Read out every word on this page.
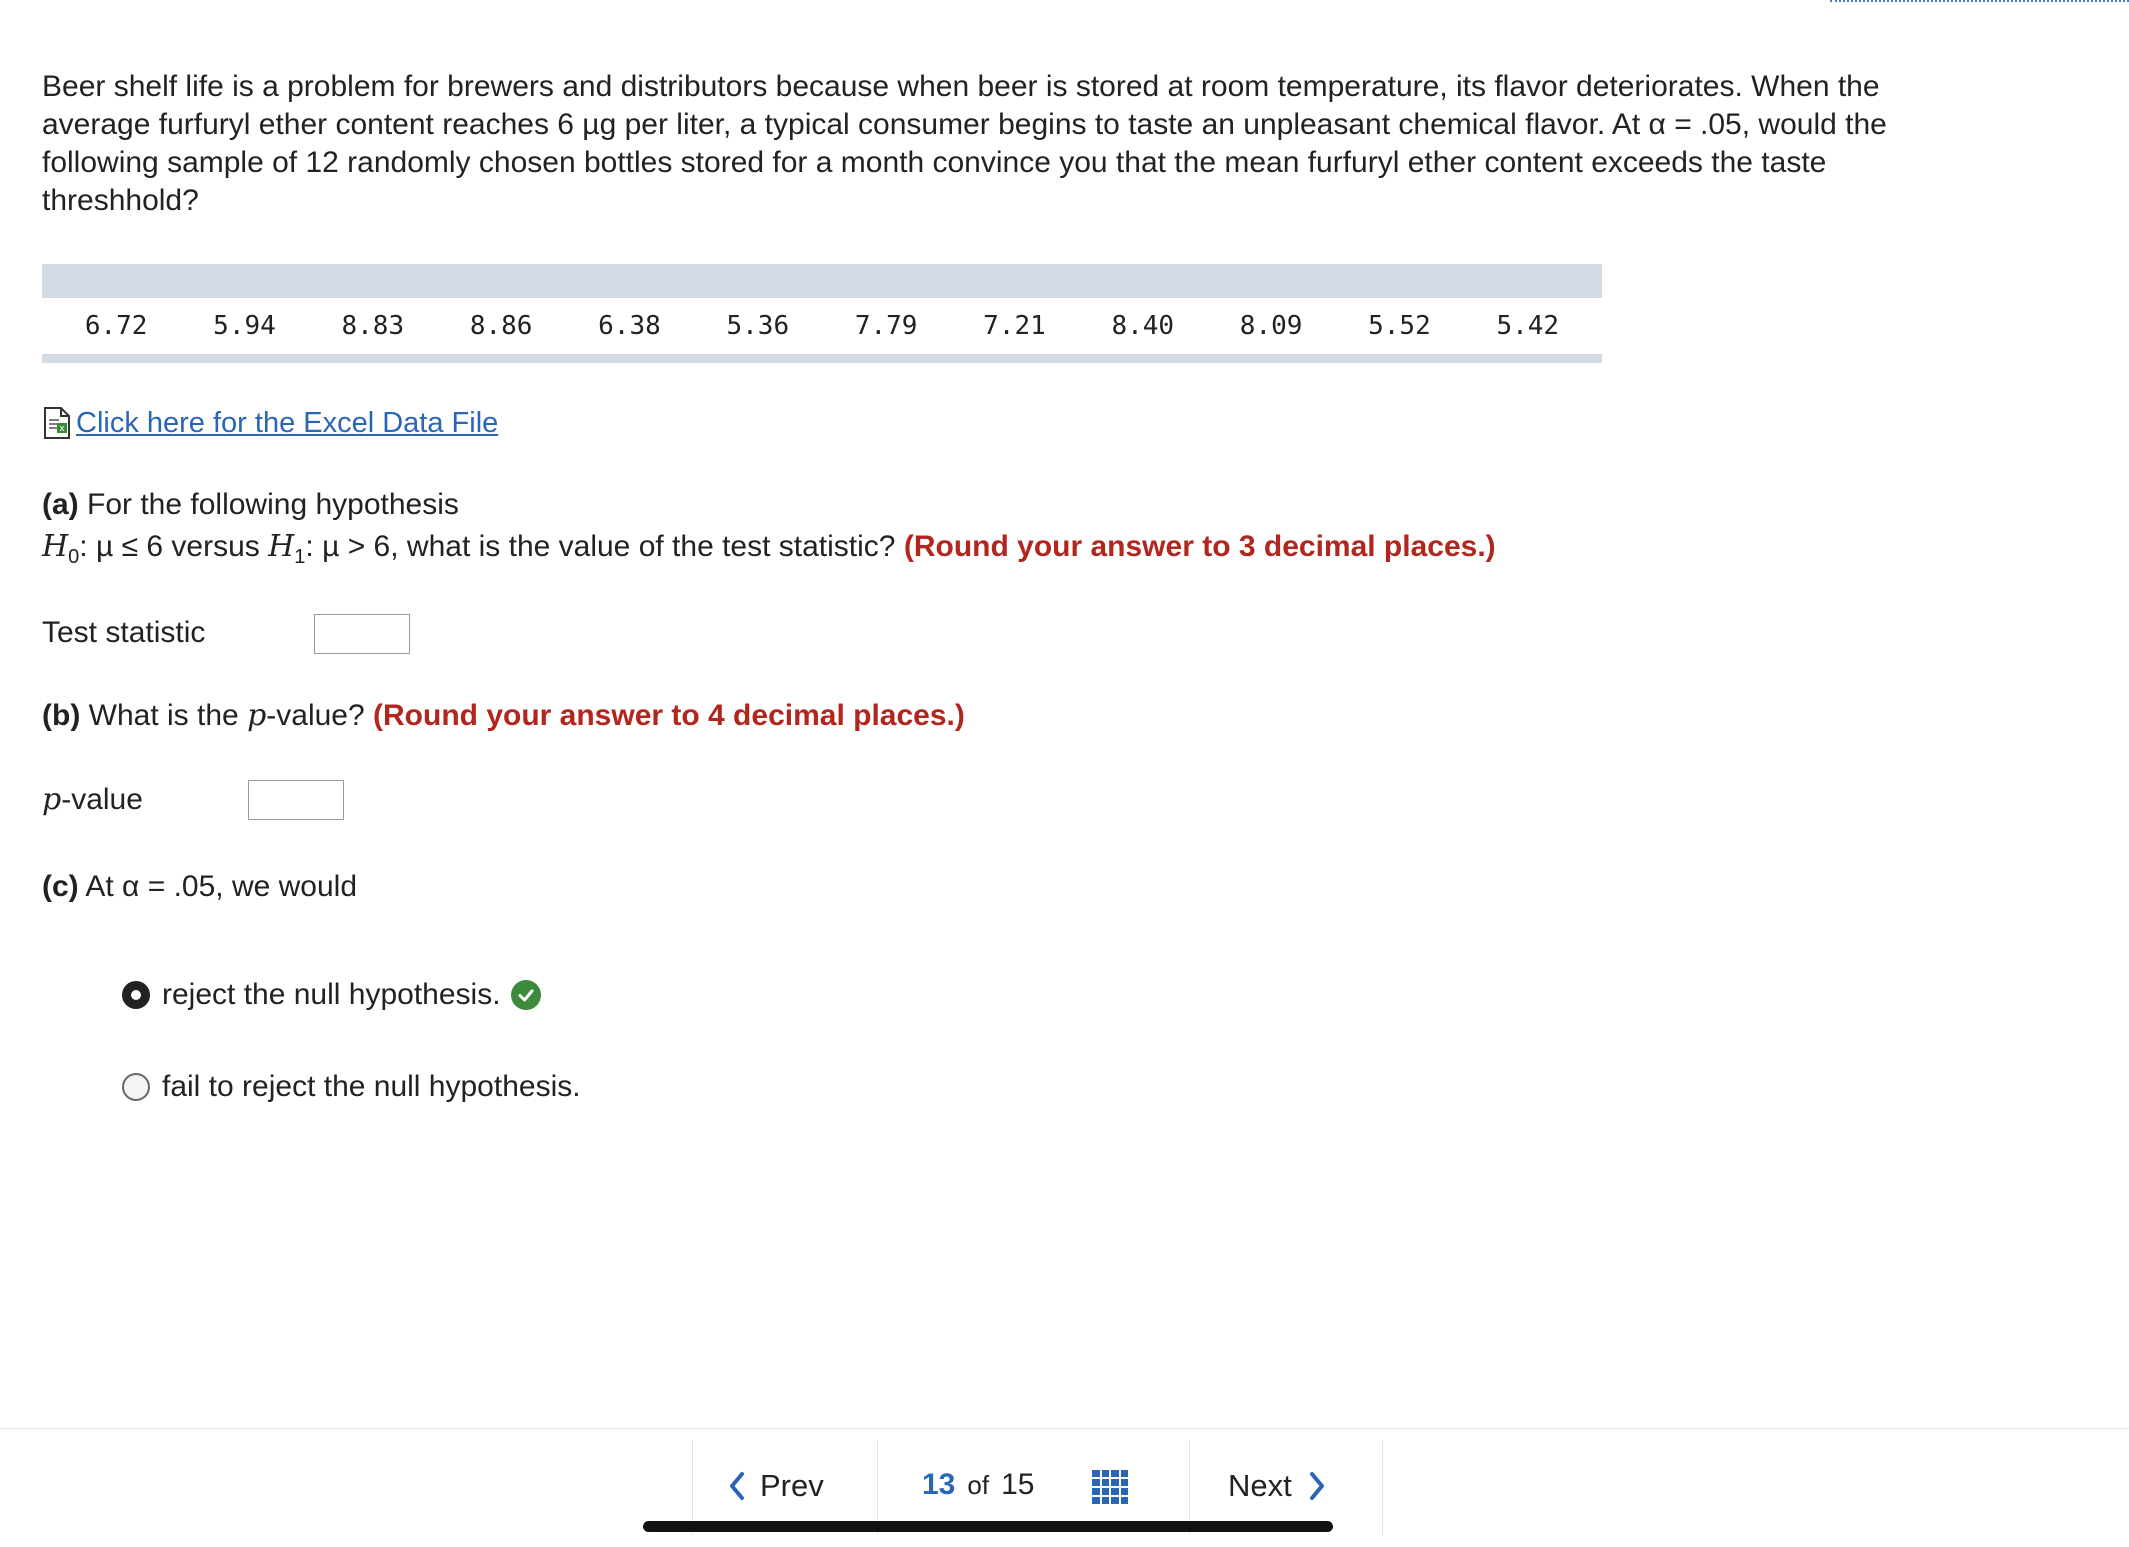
Beer shelf life is a problem for brewers and distributors because when beer is stored at room temperature, its flavor deteriorates. When the average furfuryl ether content reaches 6 µg per liter, a typical consumer begins to taste an unpleasant chemical flavor. At α = .05, would the following sample of 12 randomly chosen bottles stored for a month convince you that the mean furfuryl ether content exceeds the taste threshhold?

6.72	5.94	8.83	8.86	6.38	5.36	7.79	7.21	8.40	8.09	5.52	5.42
x Click here for the Excel Data File

(a) For the following hypothesis
$H_0$: µ ≤ 6 versus $H_1$: µ > 6, what is the value of the test statistic? (Round your answer to 3 decimal places.)

Test statistic

(b) What is the p-value? (Round your answer to 4 decimal places.)

p-value

(c) At α = .05, we would

reject the null hypothesis.
fail to reject the null hypothesis.
Prev	13 of 15	Next
